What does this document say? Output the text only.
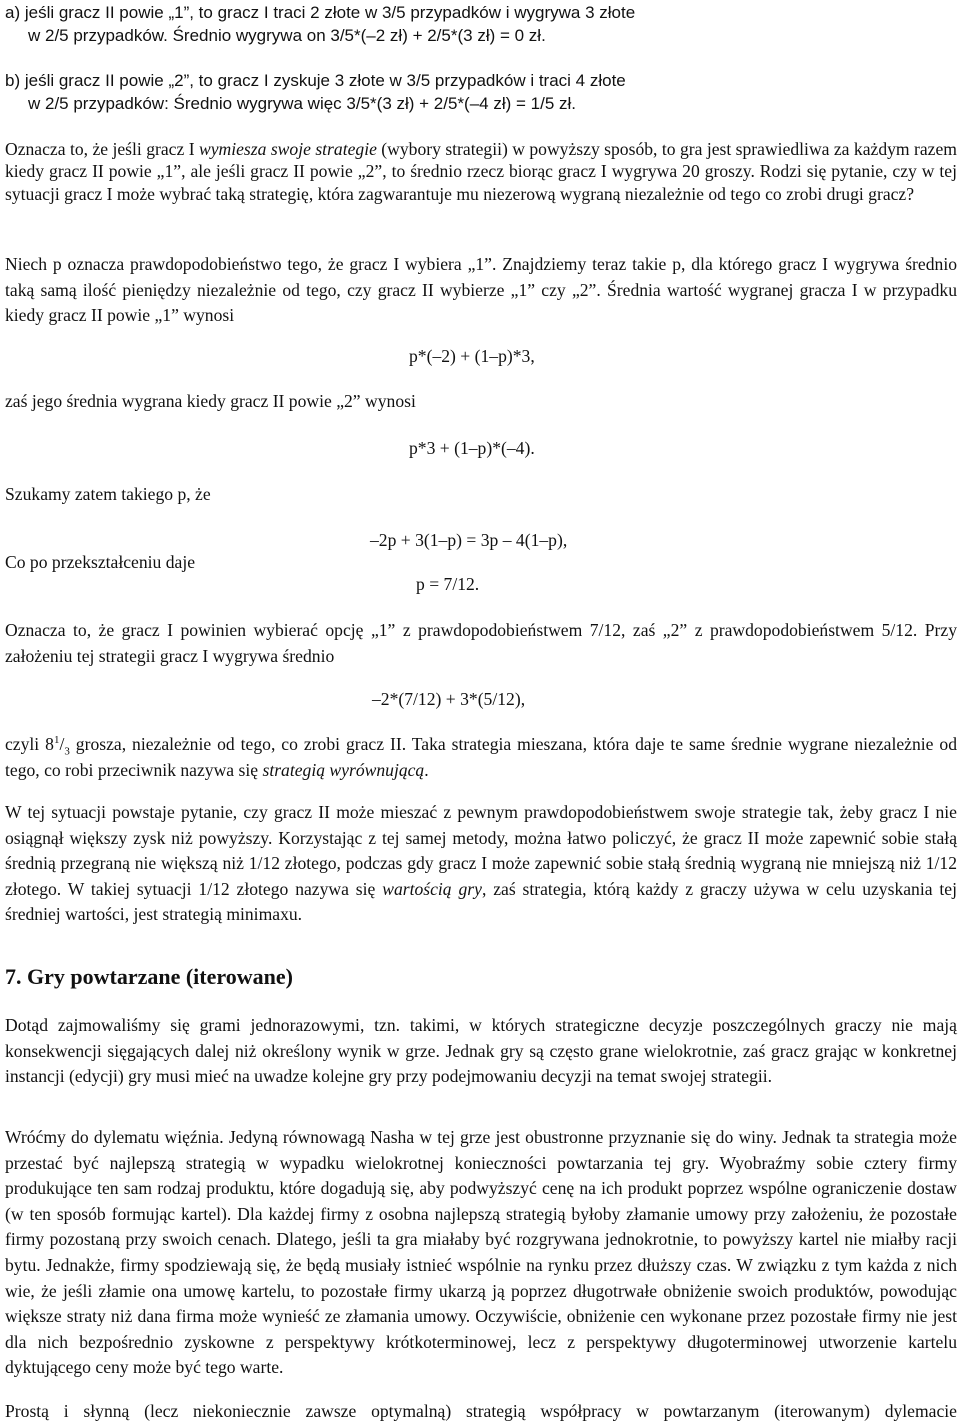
a) jeśli gracz II powie „1”, to gracz I traci 2 złote w 3/5 przypadków i wygrywa 3 złote

w 2/5 przypadków. Średnio wygrywa on 3/5*(–2 zł) + 2/5*(3 zł) = 0 zł.

b) jeśli gracz II powie „2”, to gracz I zyskuje 3 złote w 3/5 przypadków i traci 4 złote

w 2/5 przypadków: Średnio wygrywa więc 3/5*(3 zł) + 2/5*(–4 zł) = 1/5 zł.

Oznacza to, że jeśli gracz I wymiesza swoje strategie (wybory strategii) w powyższy sposób, to gra jest sprawiedliwa za każdym razem kiedy gracz II powie „1”, ale jeśli gracz II powie „2”, to średnio rzecz biorąc gracz I wygrywa 20 groszy. Rodzi się pytanie, czy w tej sytuacji gracz I może wybrać taką strategię, która zagwarantuje mu niezerową wygraną niezależnie od tego co zrobi drugi gracz?

Niech p oznacza prawdopodobieństwo tego, że gracz I wybiera „1”. Znajdziemy teraz takie p, dla którego gracz I wygrywa średnio taką samą ilość pieniędzy niezależnie od tego, czy gracz II wybierze „1” czy „2”. Średnia wartość wygranej gracza I w przypadku kiedy gracz II powie „1” wynosi

p*(–2) + (1–p)*3,

zaś jego średnia wygrana kiedy gracz II powie „2” wynosi

p*3 + (1–p)*(–4).

Szukamy zatem takiego p, że

–2p + 3(1–p) = 3p – 4(1–p),

Co po przekształceniu daje

p = 7/12.

Oznacza to, że gracz I powinien wybierać opcję „1” z prawdopodobieństwem 7/12, zaś „2” z prawdopodobieństwem 5/12. Przy założeniu tej strategii gracz I wygrywa średnio

–2*(7/12) + 3*(5/12),

czyli $8^1/_3$ grosza, niezależnie od tego, co zrobi gracz II. Taka strategia mieszana, która daje te same średnie wygrane niezależnie od tego, co robi przeciwnik nazywa się strategią wyrównującą.

W tej sytuacji powstaje pytanie, czy gracz II może mieszać z pewnym prawdopodobieństwem swoje strategie tak, żeby gracz I nie osiągnął większy zysk niż powyższy. Korzystając z tej samej metody, można łatwo policzyć, że gracz II może zapewnić sobie stałą średnią przegraną nie większą niż 1/12 złotego, podczas gdy gracz I może zapewnić sobie stałą średnią wygraną nie mniejszą niż 1/12 złotego. W takiej sytuacji 1/12 złotego nazywa się wartością gry, zaś strategia, którą każdy z graczy używa w celu uzyskania tej średniej wartości, jest strategią minimaxu.

7. Gry powtarzane (iterowane)

Dotąd zajmowaliśmy się grami jednorazowymi, tzn. takimi, w których strategiczne decyzje poszczególnych graczy nie mają konsekwencji sięgających dalej niż określony wynik w grze. Jednak gry są często grane wielokrotnie, zaś gracz grając w konkretnej instancji (edycji) gry musi mieć na uwadze kolejne gry przy podejmowaniu decyzji na temat swojej strategii.

Wróćmy do dylematu więźnia. Jedyną równowagą Nasha w tej grze jest obustronne przyznanie się do winy. Jednak ta strategia może przestać być najlepszą strategią w wypadku wielokrotnej konieczności powtarzania tej gry. Wyobraźmy sobie cztery firmy produkujące ten sam rodzaj produktu, które dogadują się, aby podwyższyć cenę na ich produkt poprzez wspólne ograniczenie dostaw (w ten sposób formując kartel). Dla każdej firmy z osobna najlepszą strategią byłoby złamanie umowy przy założeniu, że pozostałe firmy pozostaną przy swoich cenach. Dlatego, jeśli ta gra miałaby być rozgrywana jednokrotnie, to powyższy kartel nie miałby racji bytu. Jednakże, firmy spodziewają się, że będą musiały istnieć wspólnie na rynku przez dłuższy czas. W związku z tym każda z nich wie, że jeśli złamie ona umowę kartelu, to pozostałe firmy ukarzą ją poprzez długotrwałe obniżenie swoich produktów, powodując większe straty niż dana firma może wynieść ze złamania umowy. Oczywiście, obniżenie cen wykonane przez pozostałe firmy nie jest dla nich bezpośrednio zyskowne z perspektywy krótkoterminowej, lecz z perspektywy długoterminowej utworzenie kartelu dyktującego ceny może być tego warte.

Prostą i słynną (lecz niekoniecznie zawsze optymalną) strategią współpracy w powtarzanym (iterowanym) dylemacie
